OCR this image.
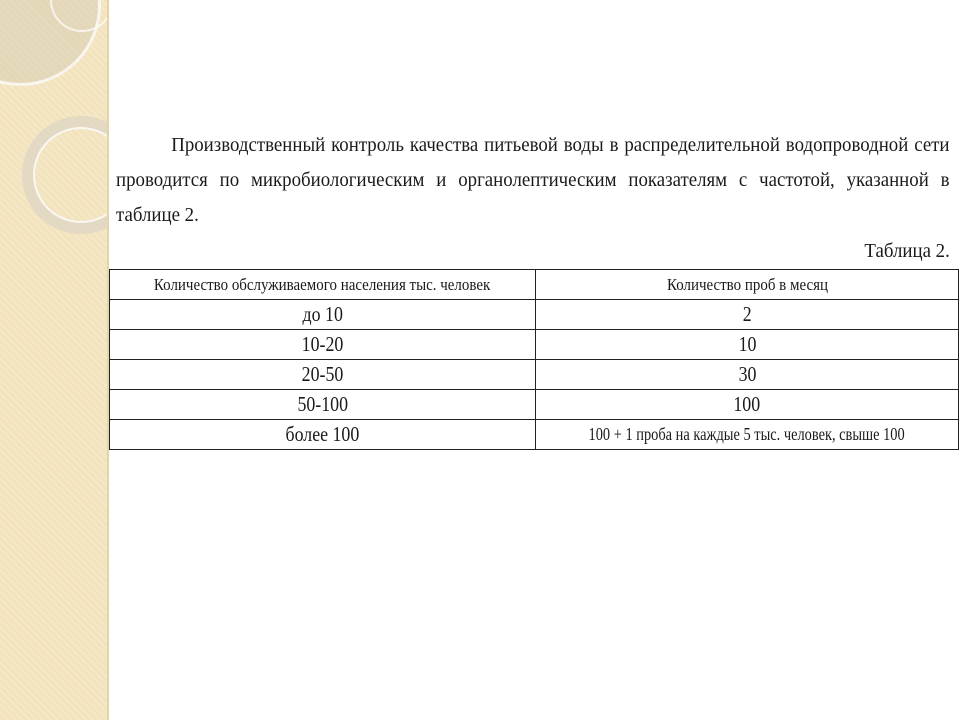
Производственный контроль качества питьевой воды в распределительной водопроводной сети проводится по микробиологическим и органолептическим показателям с частотой, указанной в таблице 2.

Таблица 2.
Количество обслуживаемого населения тыс. человек	Количество проб в месяц
до 10	2
10-20	10
20-50	30
50-100	100
более 100	100 + 1 проба на каждые 5 тыс. человек, свыше 100
